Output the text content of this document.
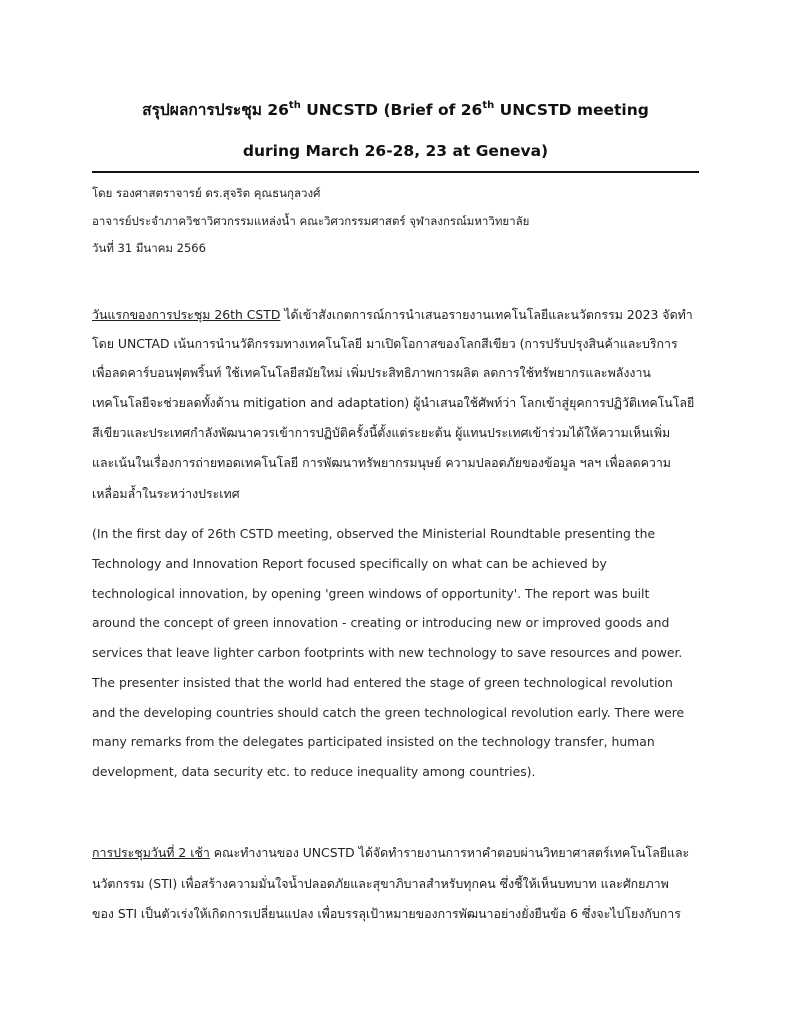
สรุปผลการประชุม 26th UNCSTD (Brief of 26th UNCSTD meeting
during March 26-28, 23 at Geneva)
โดย รองศาสตราจารย์ ดร.สุจริต คุณธนกุลวงศ์
อาจารย์ประจำภาควิชาวิศวกรรมแหล่งน้ำ คณะวิศวกรรมศาสตร์ จุฬาลงกรณ์มหาวิทยาลัย
วันที่ 31 มีนาคม 2566
วันแรกของการประชุม 26th CSTD ได้เข้าสังเกตการณ์การนำเสนอรายงานเทคโนโลยีและนวัตกรรม 2023 จัดทำ
โดย UNCTAD เน้นการนำนวัติกรรมทางเทคโนโลยี มาเปิดโอกาสของโลกสีเขียว (การปรับปรุงสินค้าและบริการ
เพื่อลดคาร์บอนฟุตพริ้นท์ ใช้เทคโนโลยีสมัยใหม่ เพิ่มประสิทธิภาพการผลิต ลดการใช้ทรัพยากรและพลังงาน
เทคโนโลยีจะช่วยลดทั้งด้าน mitigation and adaptation) ผู้นำเสนอใช้ศัพท์ว่า โลกเข้าสู่ยุคการปฏิวัติเทคโนโลยี
สีเขียวและประเทศกำลังพัฒนาควรเข้าการปฏิบัติครั้งนี้ตั้งแต่ระยะต้น ผู้แทนประเทศเข้าร่วมได้ให้ความเห็นเพิ่ม
และเน้นในเรื่องการถ่ายทอดเทคโนโลยี การพัฒนาทรัพยากรมนุษย์ ความปลอดภัยของข้อมูล ฯลฯ เพื่อลดความ
เหลื่อมล้ำในระหว่างประเทศ
(In the first day of 26th CSTD meeting, observed the Ministerial Roundtable presenting the
Technology and Innovation Report focused specifically on what can be achieved by
technological innovation, by opening 'green windows of opportunity'. The report was built
around the concept of green innovation - creating or introducing new or improved goods and
services that leave lighter carbon footprints with new technology to save resources and power.
The presenter insisted that the world had entered the stage of green technological revolution
and the developing countries should catch the green technological revolution early. There were
many remarks from the delegates participated insisted on the technology transfer, human
development, data security etc. to reduce inequality among countries).
การประชุมวันที่ 2 เช้า คณะทำงานของ UNCSTD ได้จัดทำรายงานการหาคำตอบผ่านวิทยาศาสตร์เทคโนโลยีและ
นวัตกรรม (STI) เพื่อสร้างความมั่นใจน้ำปลอดภัยและสุขาภิบาลสำหรับทุกคน ซึ่งชี้ให้เห็นบทบาท และศักยภาพ
ของ STI เป็นตัวเร่งให้เกิดการเปลี่ยนแปลง เพื่อบรรลุเป้าหมายของการพัฒนาอย่างยั่งยืนข้อ 6 ซึ่งจะไปโยงกับการ
